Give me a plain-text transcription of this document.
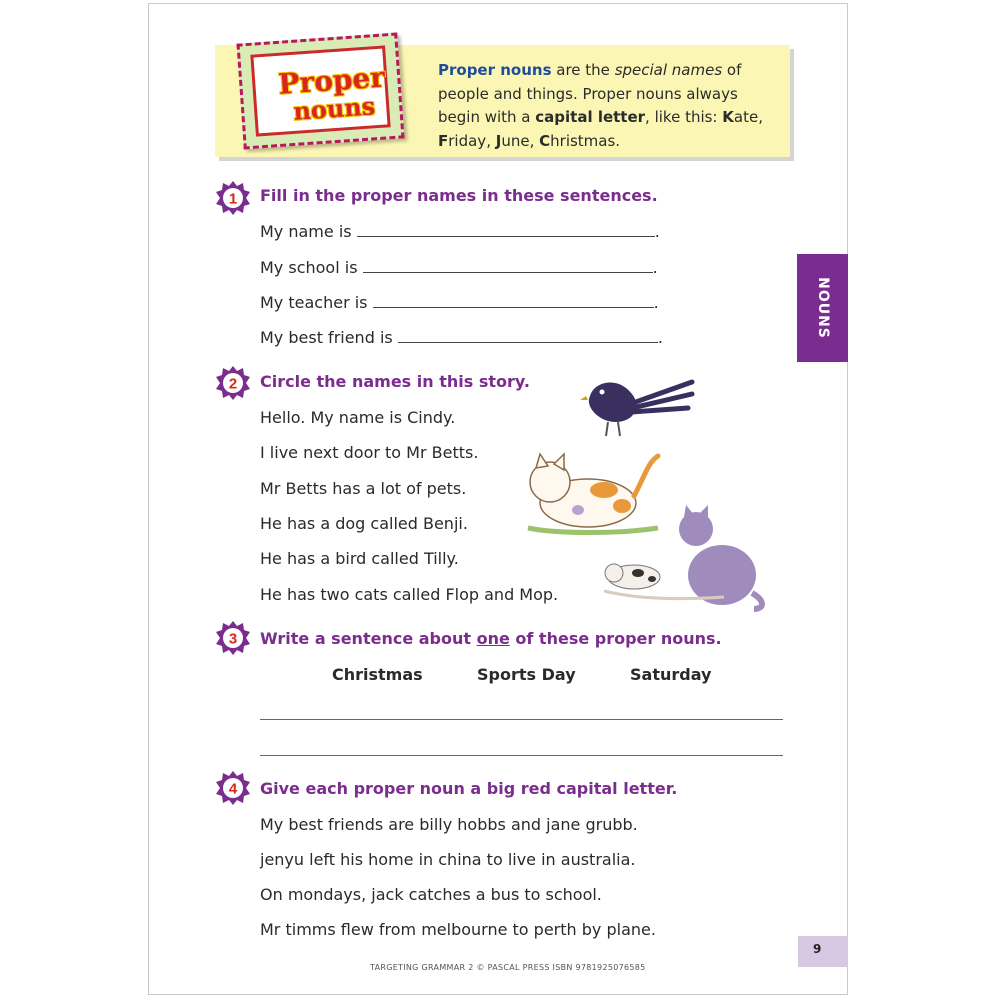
Proper
nouns
Proper nouns are the special names of people and things. Proper nouns always begin with a capital letter, like this: Kate, Friday, June, Christmas.
NOUNS
1
2
3
4
Fill in the proper names in these sentences.
My name is	.
My school is	.
My teacher is	.
My best friend is	.
Circle the names in this story.
Hello. My name is Cindy.
I live next door to Mr Betts.
Mr Betts has a lot of pets.
He has a dog called Benji.
He has a bird called Tilly.
He has two cats called Flop and Mop.
Write a sentence about one of these proper nouns.
Christmas	Sports Day	Saturday
Give each proper noun a big red capital letter.
My best friends are billy hobbs and jane grubb.
jenyu left his home in china to live in australia.
On mondays, jack catches a bus to school.
Mr timms flew from melbourne to perth by plane.
9
TARGETING GRAMMAR 2 © PASCAL PRESS ISBN 9781925076585
